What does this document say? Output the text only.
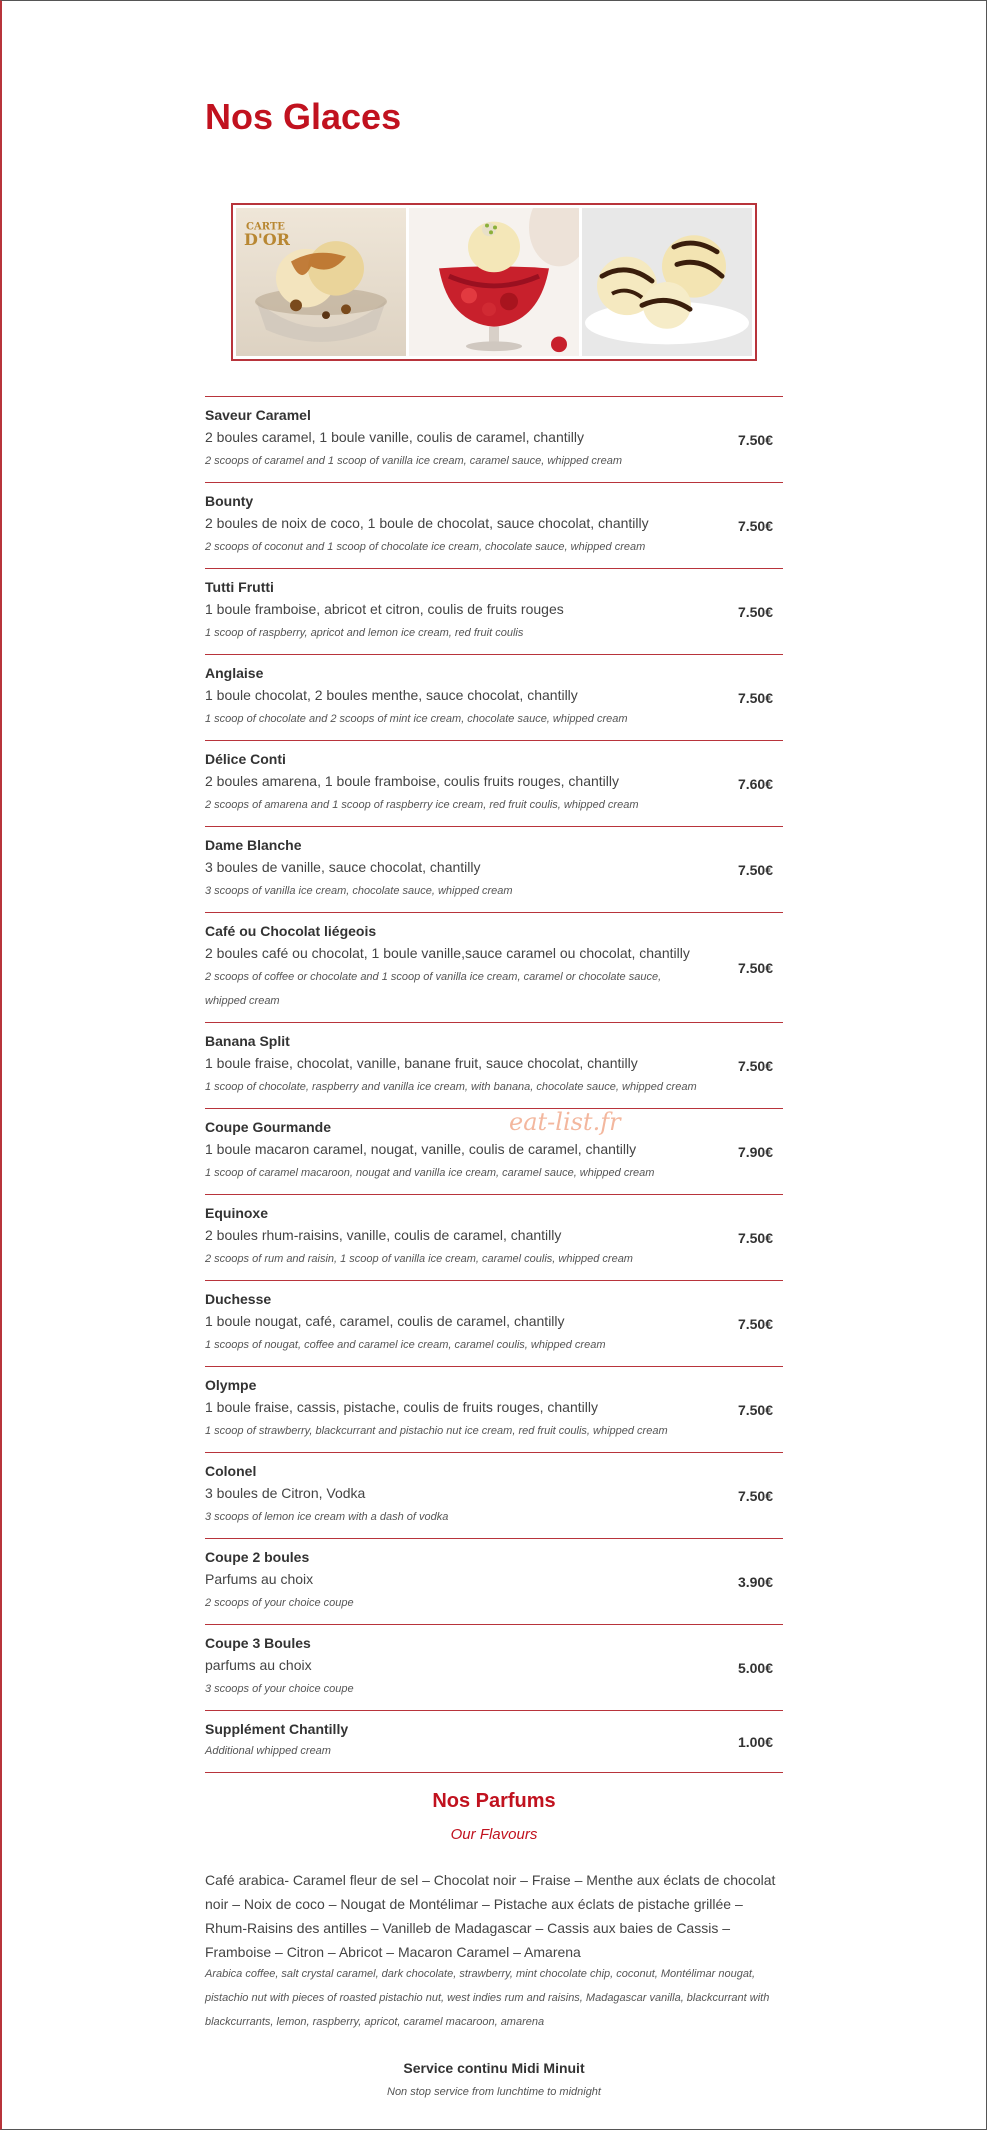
Nos Glaces
CARTE
D'OR
Saveur Caramel
2 boules caramel, 1 boule vanille, coulis de caramel, chantilly
2 scoops of caramel and 1 scoop of vanilla ice cream, caramel sauce, whipped cream
7.50€
Bounty
2 boules de noix de coco, 1 boule de chocolat, sauce chocolat, chantilly
2 scoops of coconut and 1 scoop of chocolate ice cream, chocolate sauce, whipped cream
7.50€
Tutti Frutti
1 boule framboise, abricot et citron, coulis de fruits rouges
1 scoop of raspberry, apricot and lemon ice cream, red fruit coulis
7.50€
Anglaise
1 boule chocolat, 2 boules menthe, sauce chocolat, chantilly
1 scoop of chocolate and 2 scoops of mint ice cream, chocolate sauce, whipped cream
7.50€
Délice Conti
2 boules amarena, 1 boule framboise, coulis fruits rouges, chantilly
2 scoops of amarena and 1 scoop of raspberry ice cream, red fruit coulis, whipped cream
7.60€
Dame Blanche
3 boules de vanille, sauce chocolat, chantilly
3 scoops of vanilla ice cream, chocolate sauce, whipped cream
7.50€
Café ou Chocolat liégeois
2 boules café ou chocolat, 1 boule vanille,sauce caramel ou chocolat, chantilly
2 scoops of coffee or chocolate and 1 scoop of vanilla ice cream, caramel or chocolate sauce, whipped cream
7.50€
Banana Split
1 boule fraise, chocolat, vanille, banane fruit, sauce chocolat, chantilly
1 scoop of chocolate, raspberry and vanilla ice cream, with banana, chocolate sauce, whipped cream
7.50€
Coupe Gourmande
1 boule macaron caramel, nougat, vanille, coulis de caramel, chantilly
1 scoop of caramel macaroon, nougat and vanilla ice cream, caramel sauce, whipped cream
7.90€
Equinoxe
2 boules rhum-raisins, vanille, coulis de caramel, chantilly
2 scoops of rum and raisin, 1 scoop of vanilla ice cream, caramel coulis, whipped cream
7.50€
Duchesse
1 boule nougat, café, caramel, coulis de caramel, chantilly
1 scoops of nougat, coffee and caramel ice cream, caramel coulis, whipped cream
7.50€
Olympe
1 boule fraise, cassis, pistache, coulis de fruits rouges, chantilly
1 scoop of strawberry, blackcurrant and pistachio nut ice cream, red fruit coulis, whipped cream
7.50€
Colonel
3 boules de Citron, Vodka
3 scoops of lemon ice cream with a dash of vodka
7.50€
Coupe 2 boules
Parfums au choix
2 scoops of your choice coupe
3.90€
Coupe 3 Boules
parfums au choix
3 scoops of your choice coupe
5.00€
Supplément Chantilly
Additional whipped cream
1.00€
eat-list.fr
Nos Parfums
Our Flavours
Café arabica- Caramel fleur de sel – Chocolat noir – Fraise – Menthe aux éclats de chocolat noir – Noix de coco – Nougat de Montélimar – Pistache aux éclats de pistache grillée – Rhum-Raisins des antilles – Vanilleb de Madagascar – Cassis aux baies de Cassis – Framboise – Citron – Abricot – Macaron Caramel – Amarena
Arabica coffee, salt crystal caramel, dark chocolate, strawberry, mint chocolate chip, coconut, Montélimar nougat, pistachio nut with pieces of roasted pistachio nut, west indies rum and raisins, Madagascar vanilla, blackcurrant with blackcurrants, lemon, raspberry, apricot, caramel macaroon, amarena
Service continu Midi Minuit
Non stop service from lunchtime to midnight
